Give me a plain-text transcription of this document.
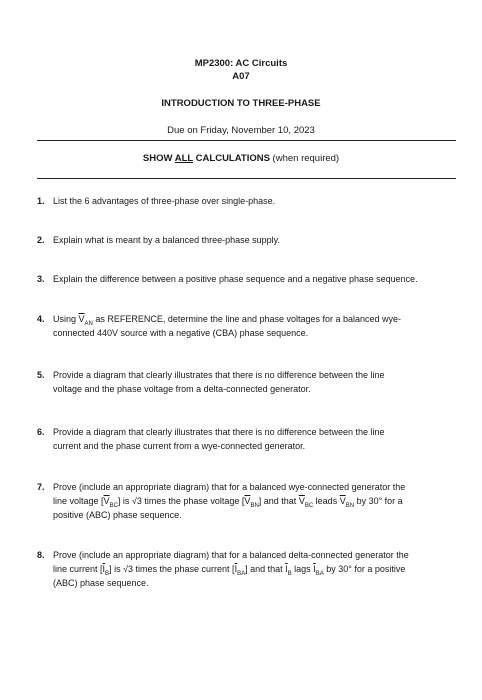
MP2300: AC Circuits
A07
INTRODUCTION TO THREE-PHASE
Due on Friday, November 10, 2023
SHOW ALL CALCULATIONS (when required)
1. List the 6 advantages of three-phase over single-phase.
2. Explain what is meant by a balanced three-phase supply.
3. Explain the difference between a positive phase sequence and a negative phase sequence.
4. Using $\overline{V}_{AN}$ as REFERENCE, determine the line and phase voltages for a balanced wye-
connected 440V source with a negative (CBA) phase sequence.
5. Provide a diagram that clearly illustrates that there is no difference between the line
voltage and the phase voltage from a delta-connected generator.
6. Provide a diagram that clearly illustrates that there is no difference between the line
current and the phase current from a wye-connected generator.
7. Prove (include an appropriate diagram) that for a balanced wye-connected generator the
line voltage $[\overline{V}_{BC}]$ is √3 times the phase voltage $[\overline{V}_{BN}]$ and that $\overline{V}_{BC}$ leads $\overline{V}_{BN}$ by 30° for a
positive (ABC) phase sequence.
8. Prove (include an appropriate diagram) that for a balanced delta-connected generator the
line current $[\overline{I}_B]$ is √3 times the phase current $[\overline{I}_{BA}]$ and that $\overline{I}_B$ lags $\overline{I}_{BA}$ by 30° for a positive
(ABC) phase sequence.
